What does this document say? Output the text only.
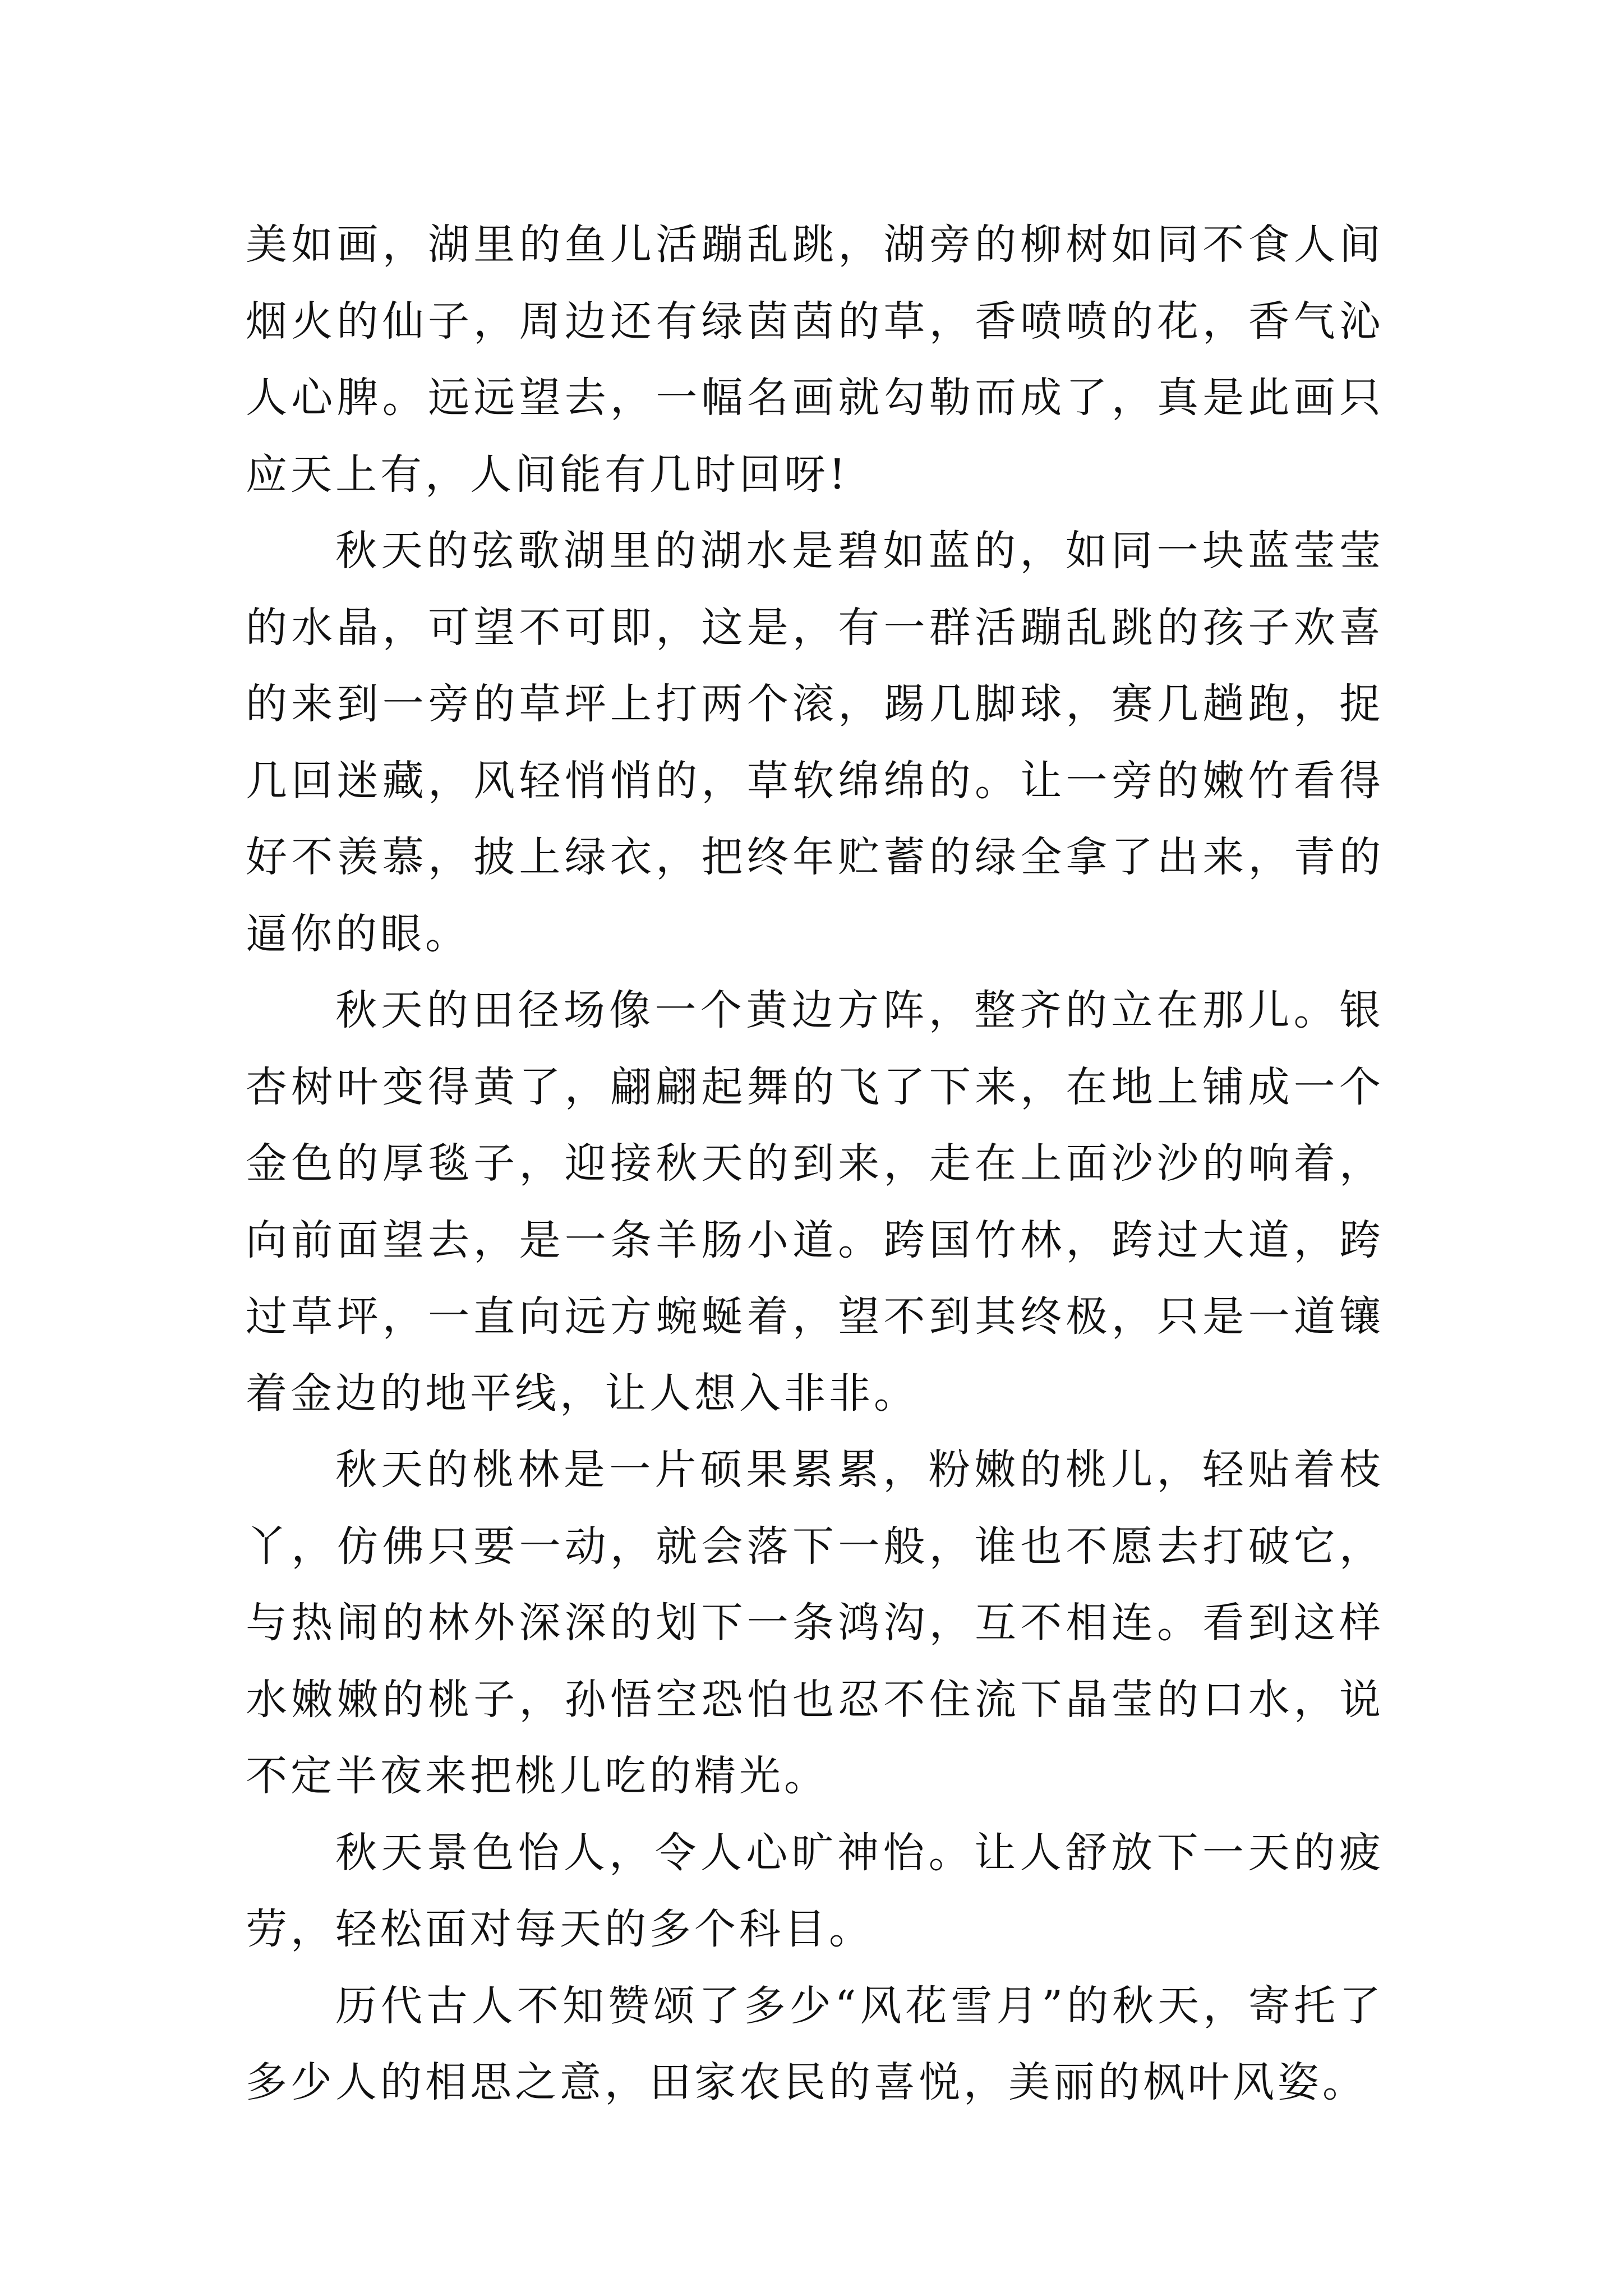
美如画，湖里的鱼儿活蹦乱跳，湖旁的柳树如同不食人间烟火的仙子，周边还有绿茵茵的草，香喷喷的花，香气沁人心脾。远远望去，一幅名画就勾勒而成了，真是此画只应天上有，人间能有几时回呀!

秋天的弦歌湖里的湖水是碧如蓝的，如同一块蓝莹莹的水晶，可望不可即，这是，有一群活蹦乱跳的孩子欢喜的来到一旁的草坪上打两个滚，踢几脚球，赛几趟跑，捉几回迷藏，风轻悄悄的，草软绵绵的。让一旁的嫩竹看得好不羡慕，披上绿衣，把终年贮蓄的绿全拿了出来，青的逼你的眼。

秋天的田径场像一个黄边方阵，整齐的立在那儿。银杏树叶变得黄了，翩翩起舞的飞了下来，在地上铺成一个金色的厚毯子，迎接秋天的到来，走在上面沙沙的响着，向前面望去，是一条羊肠小道。跨国竹林，跨过大道，跨过草坪，一直向远方蜿蜒着，望不到其终极，只是一道镶着金边的地平线，让人想入非非。

秋天的桃林是一片硕果累累，粉嫩的桃儿，轻贴着枝丫，仿佛只要一动，就会落下一般，谁也不愿去打破它，与热闹的林外深深的划下一条鸿沟，互不相连。看到这样水嫩嫩的桃子，孙悟空恐怕也忍不住流下晶莹的口水，说不定半夜来把桃儿吃的精光。

秋天景色怡人，令人心旷神怡。让人舒放下一天的疲劳，轻松面对每天的多个科目。

历代古人不知赞颂了多少“风花雪月”的秋天，寄托了多少人的相思之意，田家农民的喜悦，美丽的枫叶风姿。
